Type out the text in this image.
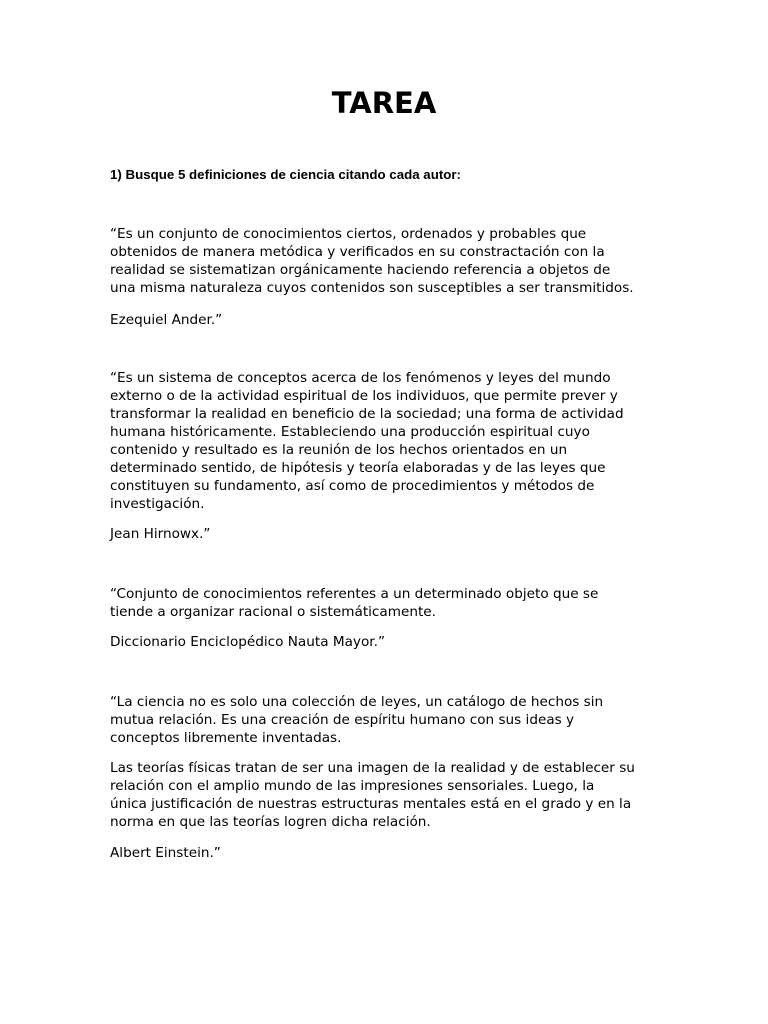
TAREA

1) Busque 5 definiciones de ciencia citando cada autor:

“Es un conjunto de conocimientos ciertos, ordenados y probables que
obtenidos de manera metódica y verificados en su constractación con la
realidad se sistematizan orgánicamente haciendo referencia a objetos de
una misma naturaleza cuyos contenidos son susceptibles a ser transmitidos.

Ezequiel Ander.”

“Es un sistema de conceptos acerca de los fenómenos y leyes del mundo
externo o de la actividad espiritual de los individuos, que permite prever y
transformar la realidad en beneficio de la sociedad; una forma de actividad
humana históricamente. Estableciendo una producción espiritual cuyo
contenido y resultado es la reunión de los hechos orientados en un
determinado sentido, de hipótesis y teoría elaboradas y de las leyes que
constituyen su fundamento, así como de procedimientos y métodos de
investigación.

Jean Hirnowx.”

“Conjunto de conocimientos referentes a un determinado objeto que se
tiende a organizar racional o sistemáticamente.

Diccionario Enciclopédico Nauta Mayor.”

“La ciencia no es solo una colección de leyes, un catálogo de hechos sin
mutua relación. Es una creación de espíritu humano con sus ideas y
conceptos libremente inventadas.

Las teorías físicas tratan de ser una imagen de la realidad y de establecer su
relación con el amplio mundo de las impresiones sensoriales. Luego, la
única justificación de nuestras estructuras mentales está en el grado y en la
norma en que las teorías logren dicha relación.

Albert Einstein.”
